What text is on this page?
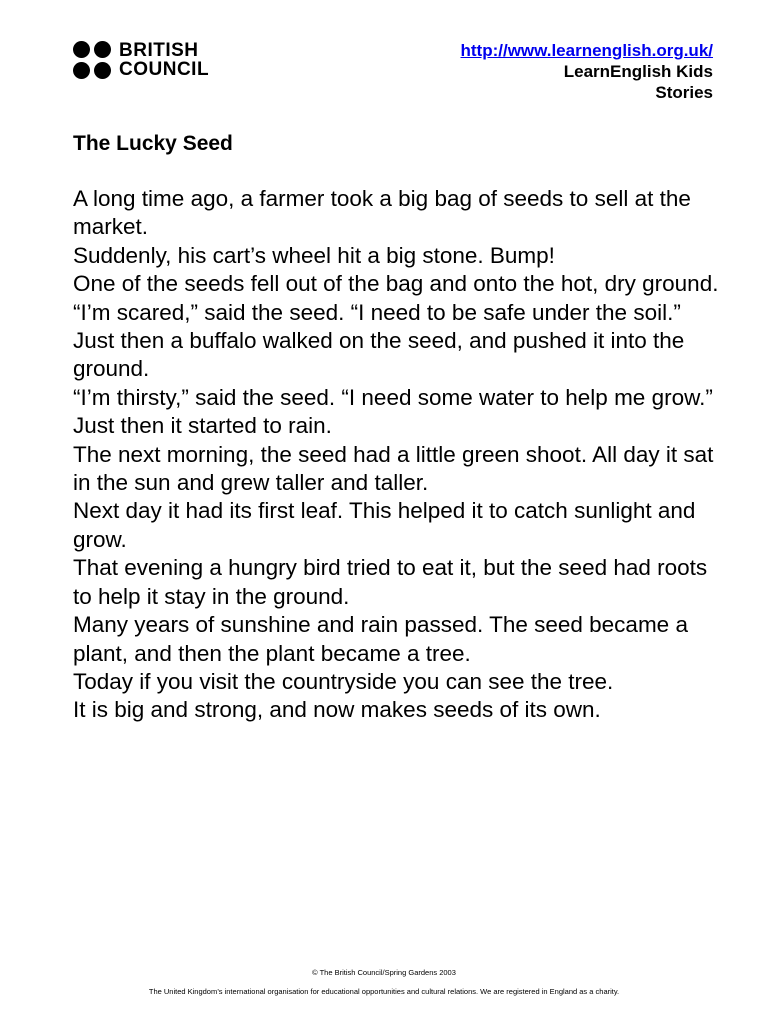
BRITISH
COUNCIL
http://www.learnenglish.org.uk/
LearnEnglish Kids
Stories
The Lucky Seed

A long time ago, a farmer took a big bag of seeds to sell at the market.

Suddenly, his cart’s wheel hit a big stone. Bump!

One of the seeds fell out of the bag and onto the hot, dry ground.

“I’m scared,” said the seed. “I need to be safe under the soil.”

Just then a buffalo walked on the seed, and pushed it into the ground.

“I’m thirsty,” said the seed. “I need some water to help me grow.”

Just then it started to rain.

The next morning, the seed had a little green shoot. All day it sat in the sun and grew taller and taller.

Next day it had its first leaf. This helped it to catch sunlight and grow.

That evening a hungry bird tried to eat it, but the seed had roots to help it stay in the ground.

Many years of sunshine and rain passed. The seed became a plant, and then the plant became a tree.

Today if you visit the countryside you can see the tree.

It is big and strong, and now makes seeds of its own.

© The British Council/Spring Gardens 2003
The United Kingdom’s international organisation for educational opportunities and cultural relations. We are registered in England as a charity.
